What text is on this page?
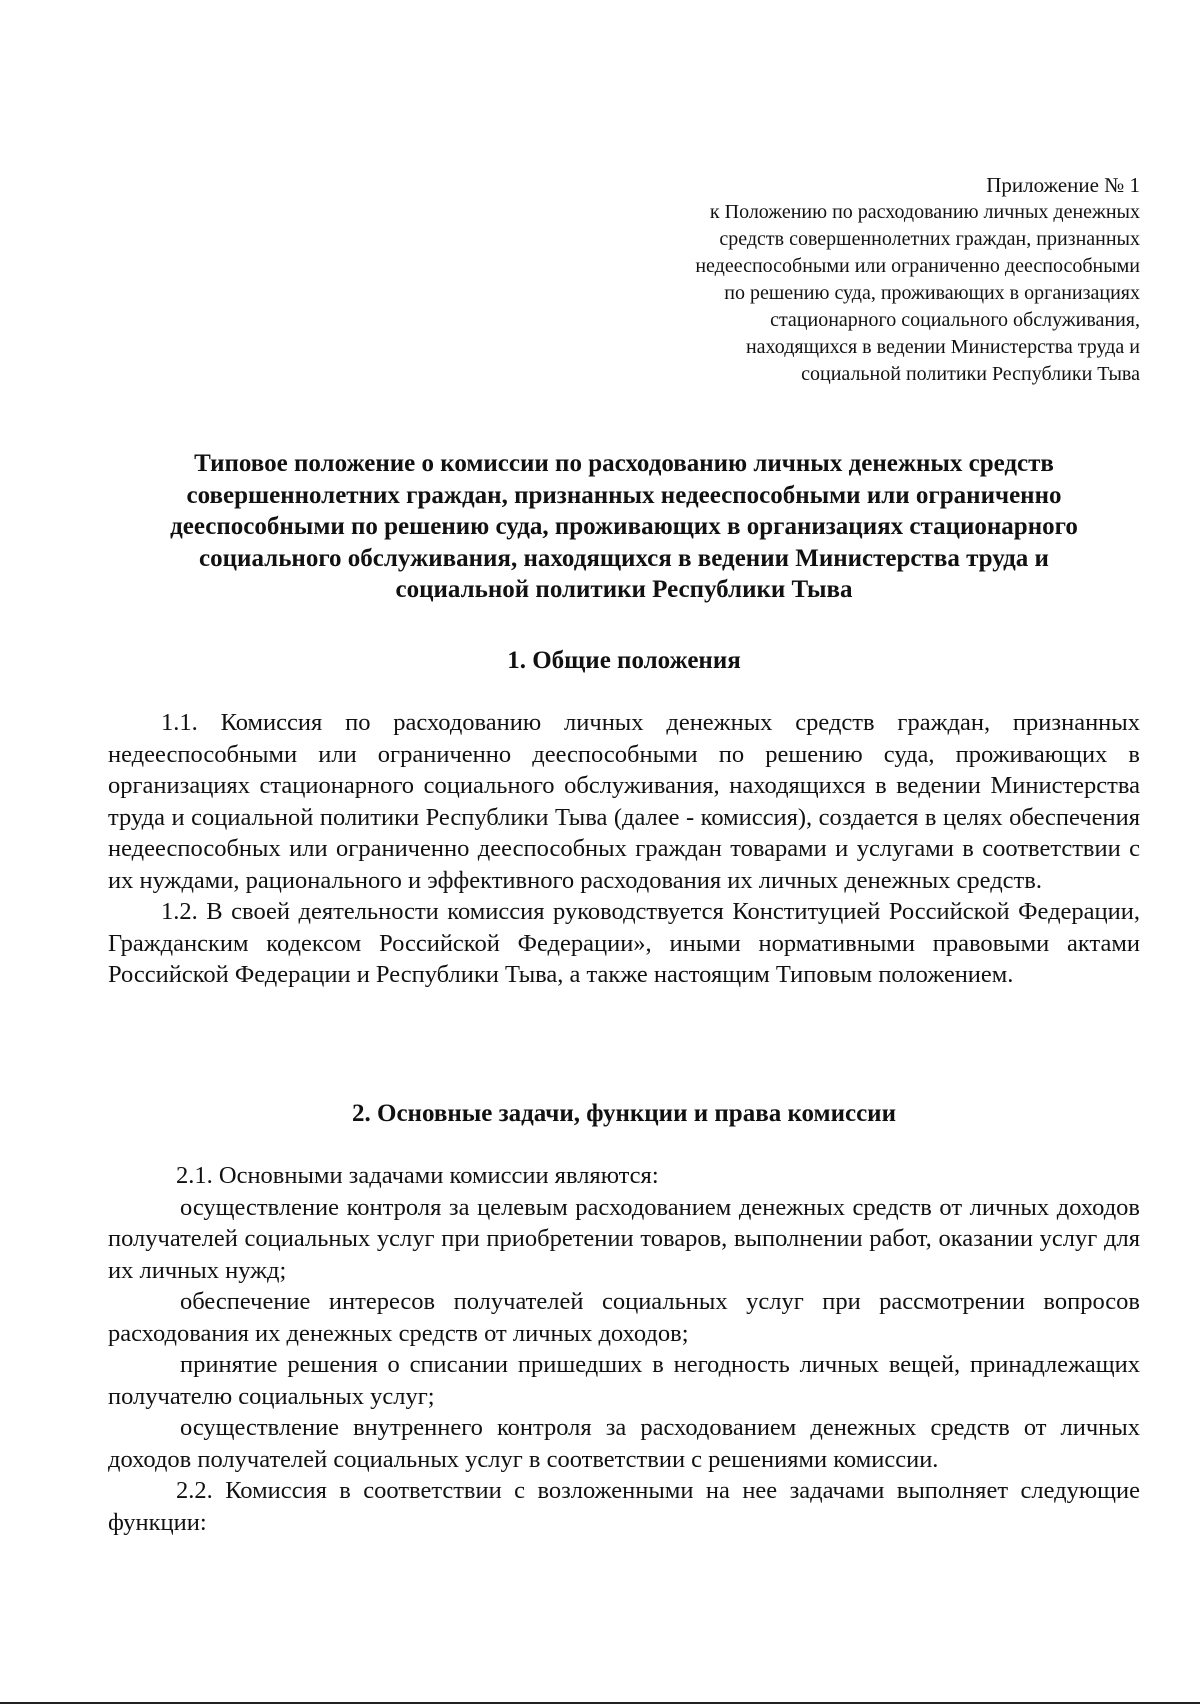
Приложение № 1
к Положению по расходованию личных денежных
средств совершеннолетних граждан, признанных
недееспособными или ограниченно дееспособными
по решению суда, проживающих в организациях
стационарного социального обслуживания,
находящихся в ведении Министерства труда и
социальной политики Республики Тыва
Типовое положение о комиссии по расходованию личных денежных средств
совершеннолетних граждан, признанных недееспособными или ограниченно
дееспособными по решению суда, проживающих в организациях стационарного
социального обслуживания, находящихся в ведении Министерства труда и
социальной политики Республики Тыва
1. Общие положения

1.1. Комиссия по расходованию личных денежных средств граждан, признанных недееспособными или ограниченно дееспособными по решению суда, проживающих в организациях стационарного социального обслуживания, находящихся в ведении Министерства труда и социальной политики Республики Тыва (далее - комиссия), создается в целях обеспечения недееспособных или ограниченно дееспособных граждан товарами и услугами в соответствии с их нуждами, рационального и эффективного расходования их личных денежных средств.

1.2. В своей деятельности комиссия руководствуется Конституцией Российской Федерации, Гражданским кодексом Российской Федерации», иными нормативными правовыми актами Российской Федерации и Республики Тыва, а также настоящим Типовым положением.

2. Основные задачи, функции и права комиссии

2.1. Основными задачами комиссии являются:

осуществление контроля за целевым расходованием денежных средств от личных доходов получателей социальных услуг при приобретении товаров, выполнении работ, оказании услуг для их личных нужд;

обеспечение интересов получателей социальных услуг при рассмотрении вопросов расходования их денежных средств от личных доходов;

принятие решения о списании пришедших в негодность личных вещей, принадлежащих получателю социальных услуг;

осуществление внутреннего контроля за расходованием денежных средств от личных доходов получателей социальных услуг в соответствии с решениями комиссии.

2.2. Комиссия в соответствии с возложенными на нее задачами выполняет следующие функции:
